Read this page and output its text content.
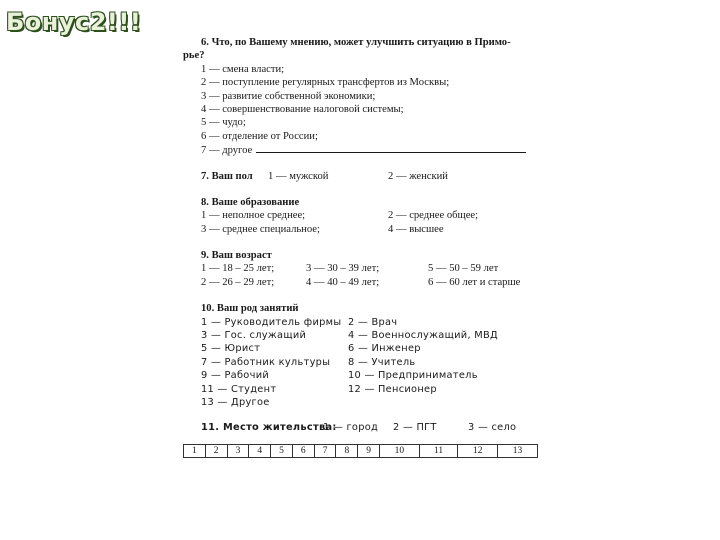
Бонус2!!!
6. Что, по Вашему мнению, может улучшить ситуацию в Примо-
рье?
1 — смена власти;
2 — поступление регулярных трансфертов из Москвы;
3 — развитие собственной экономики;
4 — совершенствование налоговой системы;
5 — чудо;
6 — отделение от России;
7 — другое
7. Ваш пол 1 — мужской	2 — женский
8. Ваше образование
1 — неполное среднее;	2 — среднее общее;
3 — среднее специальное;	4 — высшее
9. Ваш возраст
1 — 18 – 25 лет;	3 — 30 – 39 лет;	5 — 50 – 59 лет
2 — 26 – 29 лет;	4 — 40 – 49 лет;	6 — 60 лет и старше
10. Ваш род занятий
1 — Руководитель фирмы 2 — Врач
3 — Гос. служащий	4 — Военнослужащий, МВД
5 — Юрист	6 — Инженер
7 — Работник культуры 8 — Учитель
9 — Рабочий	10 — Предприниматель
11 — Студент	12 — Пенсионер
13 — Другое
11. Место жительства:
1 — город 2 — ПГТ	3 — село
1	2	3	4	5	6	7	8	9	10	11	12	13
